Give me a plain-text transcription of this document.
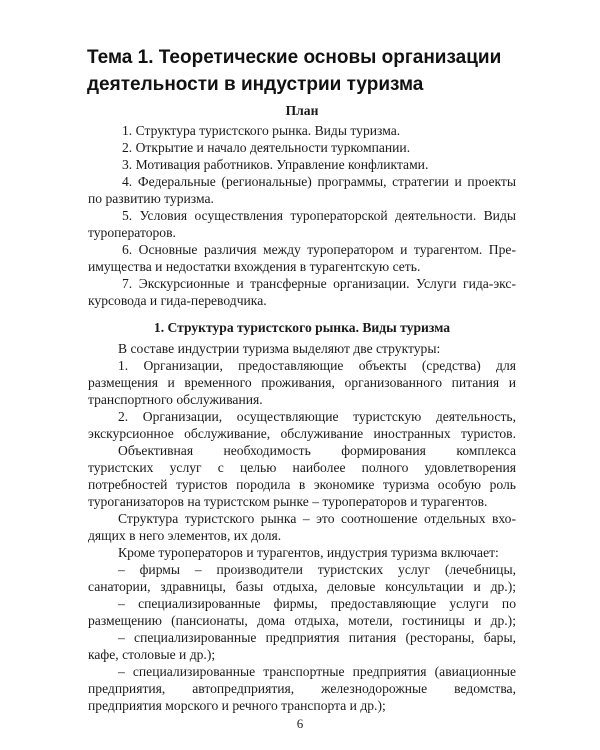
Тема 1. Теоретические основы организации
деятельности в индустрии туризма
План
1. Структура туристского рынка. Виды туризма.
2. Открытие и начало деятельности туркомпании.
3. Мотивация работников. Управление конфликтами.
4. Федеральные (региональные) программы, стратегии и проекты
по развитию туризма.
5. Условия осуществления туроператорской деятельности. Виды
туроператоров.
6. Основные различия между туроператором и турагентом. Пре-
имущества и недостатки вхождения в турагентскую сеть.
7. Экскурсионные и трансферные организации. Услуги гида-экс-
курсовода и гида-переводчика.
1. Структура туристского рынка. Виды туризма
В составе индустрии туризма выделяют две структуры:
1. Организации, предоставляющие объекты (средства) для
размещения и временного проживания, организованного питания и
транспортного обслуживания.
2. Организации, осуществляющие туристскую деятельность,
экскурсионное обслуживание, обслуживание иностранных туристов.
Объективная необходимость формирования комплекса
туристских услуг с целью наиболее полного удовлетворения
потребностей туристов породила в экономике туризма особую роль
туроганизаторов на туристском рынке – туроператоров и турагентов.
Структура туристского рынка – это соотношение отдельных вхо-
дящих в него элементов, их доля.
Кроме туроператоров и турагентов, индустрия туризма включает:
– фирмы – производители туристских услуг (лечебницы,
санатории, здравницы, базы отдыха, деловые консультации и др.);
– специализированные фирмы, предоставляющие услуги по
размещению (пансионаты, дома отдыха, мотели, гостиницы и др.);
– специализированные предприятия питания (рестораны, бары,
кафе, столовые и др.);
– специализированные транспортные предприятия (авиационные
предприятия, автопредприятия, железнодорожные ведомства,
предприятия морского и речного транспорта и др.);
6
